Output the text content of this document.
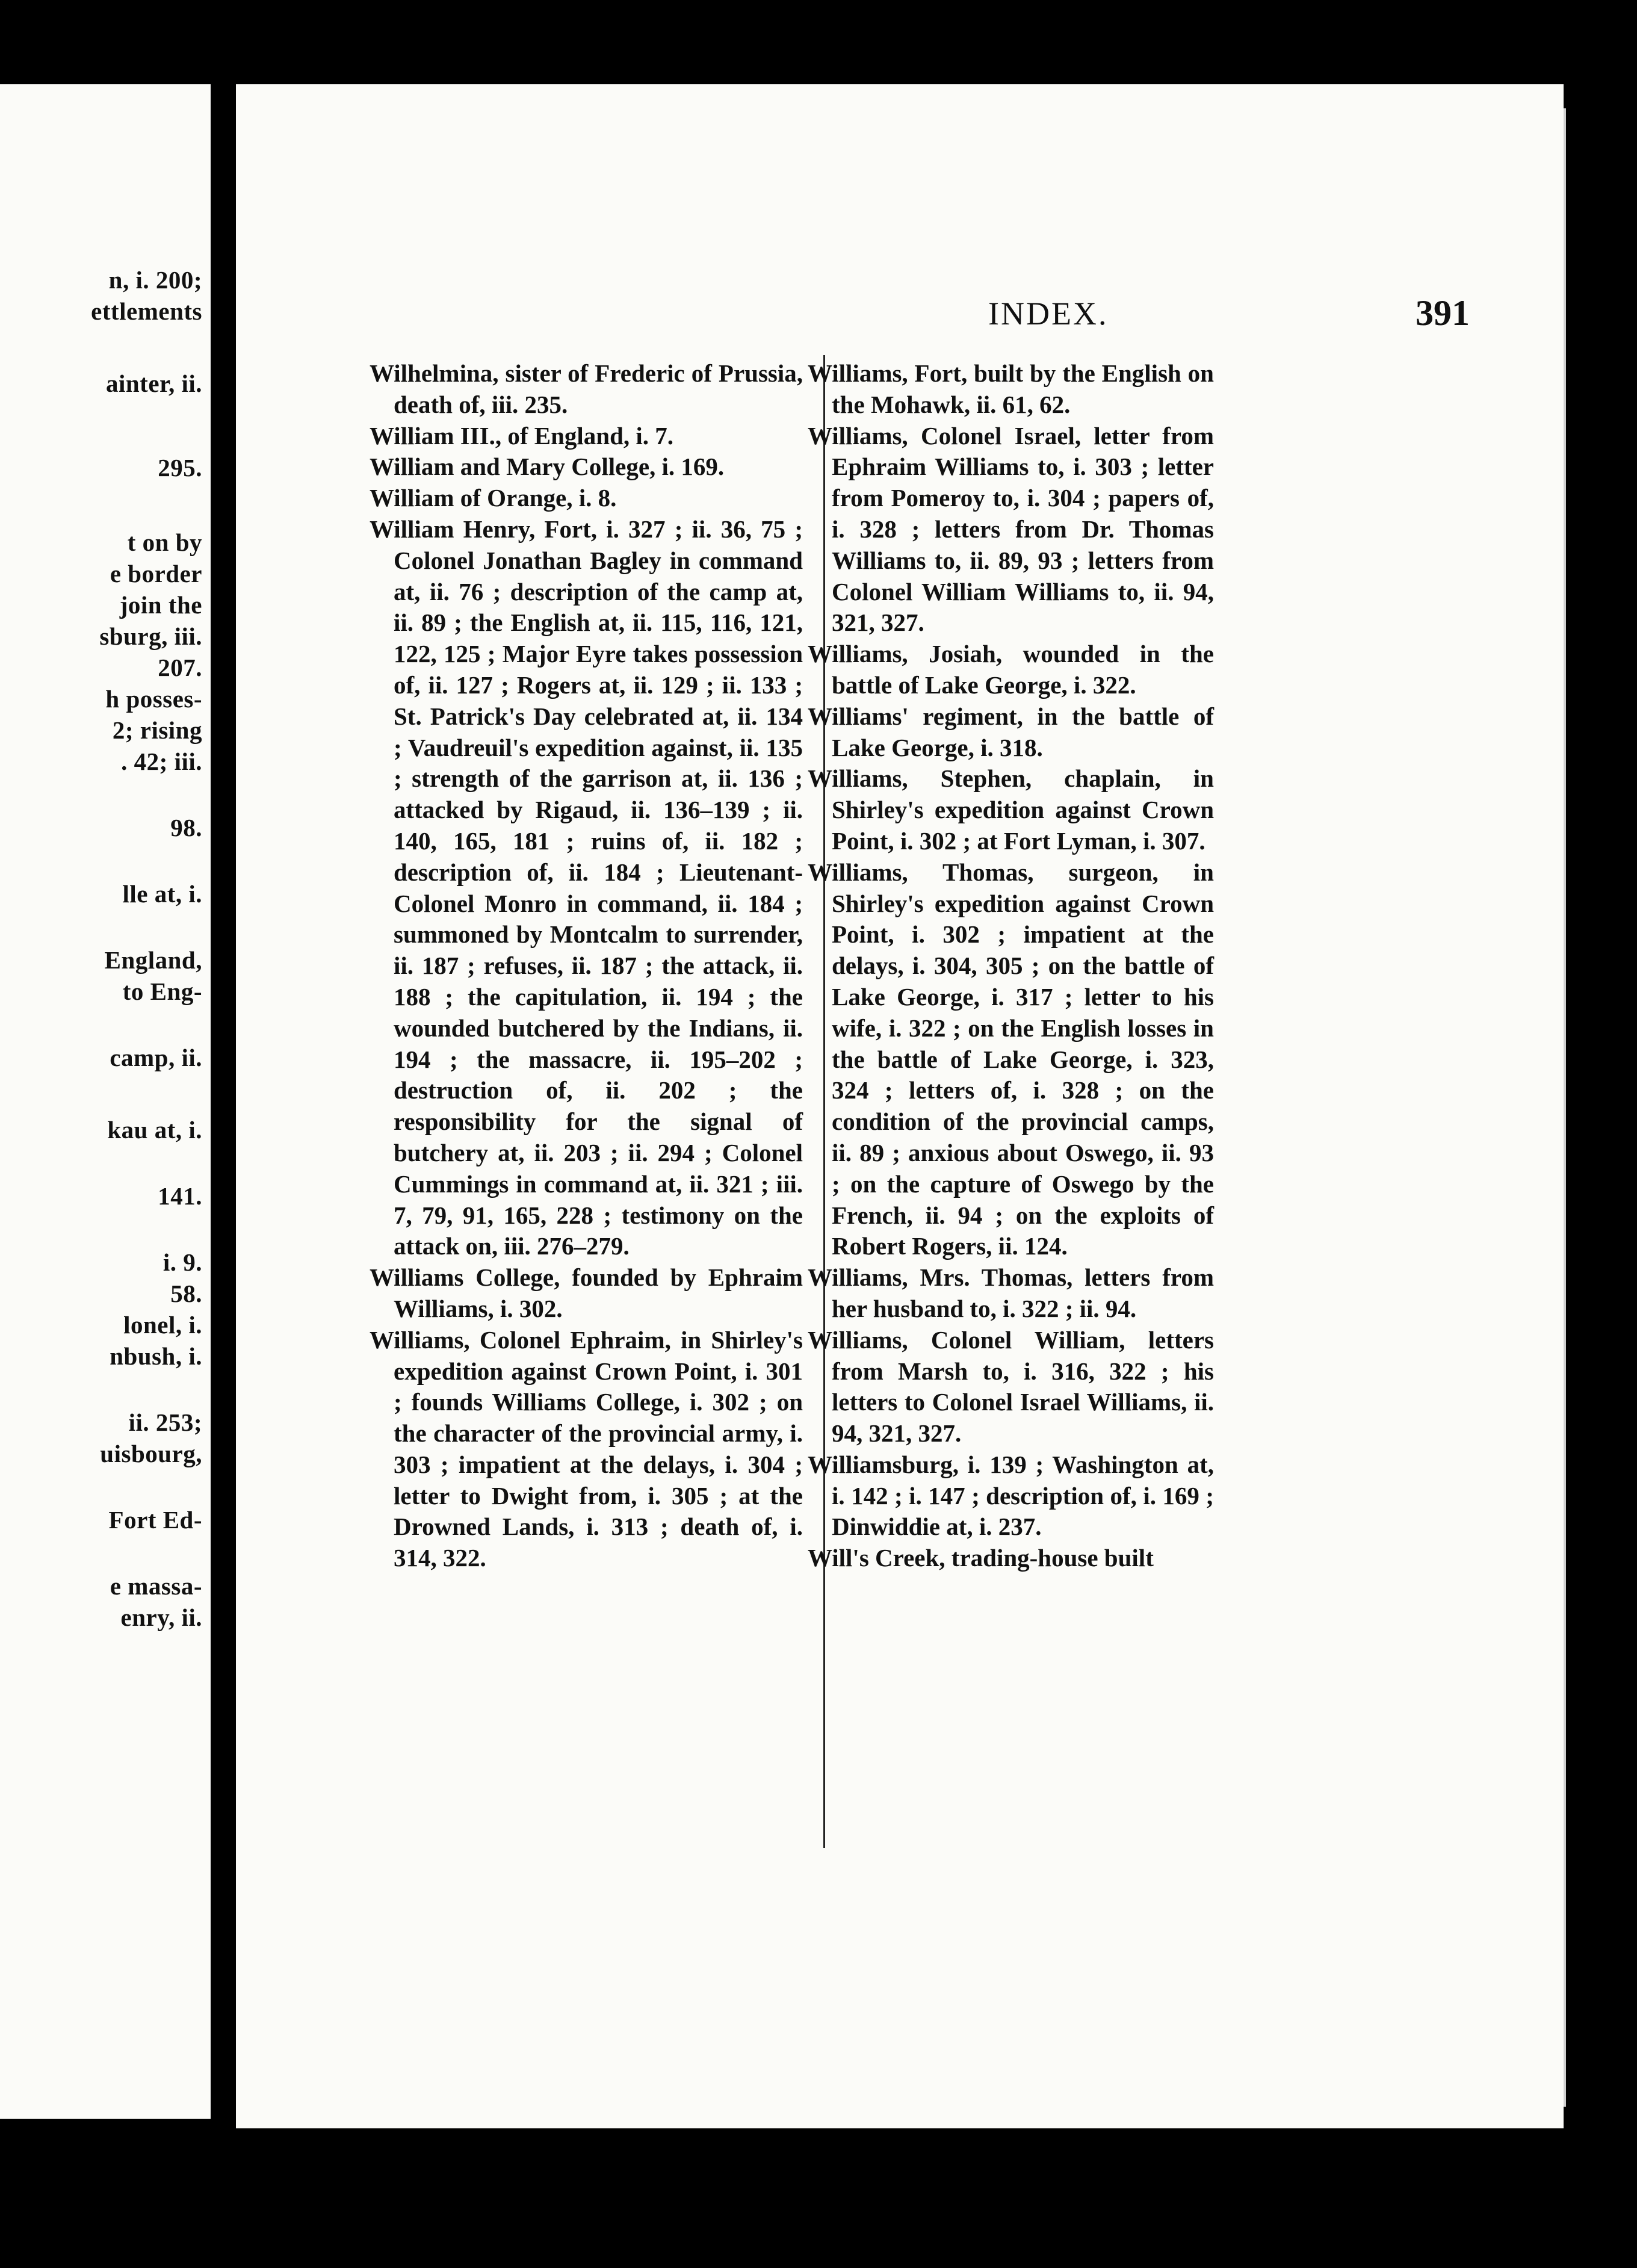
n, i. 200;
ettlements
ainter, ii.
295.
t on by
e border
join the
sburg, iii.
207.
h posses-
2; rising
. 42; iii.
98.
lle at, i.
England,
to Eng-
camp, ii.
kau at, i.
141.
i. 9.
58.
lonel, i.
nbush, i.
ii. 253;
uisbourg,
Fort Ed-
e massa-
enry, ii.
INDEX.	391

Wilhelmina, sister of Frederic of Prussia, death of, iii. 235.

William III., of England, i. 7.

William and Mary College, i. 169.

William of Orange, i. 8.

William Henry, Fort, i. 327 ; ii. 36, 75 ; Colonel Jonathan Bagley in command at, ii. 76 ; description of the camp at, ii. 89 ; the English at, ii. 115, 116, 121, 122, 125 ; Major Eyre takes possession of, ii. 127 ; Rogers at, ii. 129 ; ii. 133 ; St. Patrick's Day celebrated at, ii. 134 ; Vaudreuil's expedition against, ii. 135 ; strength of the garrison at, ii. 136 ; attacked by Rigaud, ii. 136–139 ; ii. 140, 165, 181 ; ruins of, ii. 182 ; description of, ii. 184 ; Lieutenant-Colonel Monro in command, ii. 184 ; summoned by Montcalm to surrender, ii. 187 ; refuses, ii. 187 ; the attack, ii. 188 ; the capitulation, ii. 194 ; the wounded butchered by the Indians, ii. 194 ; the massacre, ii. 195–202 ; destruction of, ii. 202 ; the responsibility for the signal of butchery at, ii. 203 ; ii. 294 ; Colonel Cummings in command at, ii. 321 ; iii. 7, 79, 91, 165, 228 ; testimony on the attack on, iii. 276–279.

Williams College, founded by Ephraim Williams, i. 302.

Williams, Colonel Ephraim, in Shirley's expedition against Crown Point, i. 301 ; founds Williams College, i. 302 ; on the character of the provincial army, i. 303 ; impatient at the delays, i. 304 ; letter to Dwight from, i. 305 ; at the Drowned Lands, i. 313 ; death of, i. 314, 322.

Williams, Fort, built by the English on the Mohawk, ii. 61, 62.

Williams, Colonel Israel, letter from Ephraim Williams to, i. 303 ; letter from Pomeroy to, i. 304 ; papers of, i. 328 ; letters from Dr. Thomas Williams to, ii. 89, 93 ; letters from Colonel William Williams to, ii. 94, 321, 327.

Williams, Josiah, wounded in the battle of Lake George, i. 322.

Williams' regiment, in the battle of Lake George, i. 318.

Williams, Stephen, chaplain, in Shirley's expedition against Crown Point, i. 302 ; at Fort Lyman, i. 307.

Williams, Thomas, surgeon, in Shirley's expedition against Crown Point, i. 302 ; impatient at the delays, i. 304, 305 ; on the battle of Lake George, i. 317 ; letter to his wife, i. 322 ; on the English losses in the battle of Lake George, i. 323, 324 ; letters of, i. 328 ; on the condition of the provincial camps, ii. 89 ; anxious about Oswego, ii. 93 ; on the capture of Oswego by the French, ii. 94 ; on the exploits of Robert Rogers, ii. 124.

Williams, Mrs. Thomas, letters from her husband to, i. 322 ; ii. 94.

Williams, Colonel William, letters from Marsh to, i. 316, 322 ; his letters to Colonel Israel Williams, ii. 94, 321, 327.

Williamsburg, i. 139 ; Washington at, i. 142 ; i. 147 ; description of, i. 169 ; Dinwiddie at, i. 237.

Will's Creek, trading-house built
